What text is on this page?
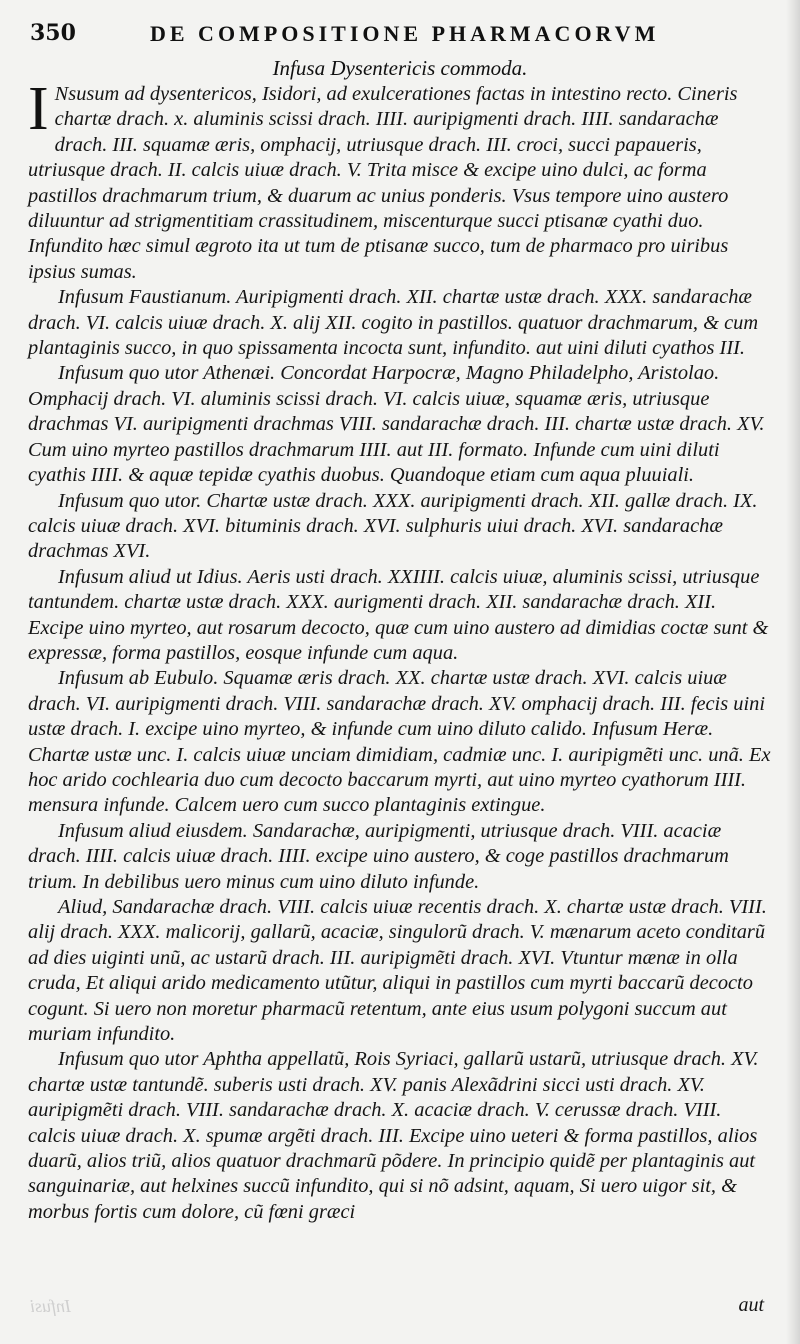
350	DE COMPOSITIONE PHARMACORVM
Infusa Dysentericis commoda.

I Nsusum ad dysentericos, Isidori, ad exulcerationes factas in intestino recto. Cineris chartæ drach. x. aluminis scissi drach. IIII. auripigmenti drach. IIII. sandarachæ drach. III. squamæ æris, omphacij, utriusque drach. III. croci, succi papaueris, utriusque drach. II. calcis uiuæ drach. V. Trita misce & excipe uino dulci, ac forma pastillos drachmarum trium, & duarum ac unius ponderis. Vsus tempore uino austero diluuntur ad strigmentitiam crassitudinem, miscenturque succi ptisanæ cyathi duo. Infundito hæc simul ægroto ita ut tum de ptisanæ succo, tum de pharmaco pro uiribus ipsius sumas.

Infusum Faustianum. Auripigmenti drach. XII. chartæ ustæ drach. XXX. sandarachæ drach. VI. calcis uiuæ drach. X. alij XII. cogito in pastillos. quatuor drachmarum, & cum plantaginis succo, in quo spissamenta incocta sunt, infundito. aut uini diluti cyathos III.

Infusum quo utor Athenæi. Concordat Harpocræ, Magno Philadelpho, Aristolao. Omphacij drach. VI. aluminis scissi drach. VI. calcis uiuæ, squamæ æris, utriusque drachmas VI. auripigmenti drachmas VIII. sandarachæ drach. III. chartæ ustæ drach. XV. Cum uino myrteo pastillos drachmarum IIII. aut III. formato. Infunde cum uini diluti cyathis IIII. & aquæ tepidæ cyathis duobus. Quandoque etiam cum aqua pluuiali.

Infusum quo utor. Chartæ ustæ drach. XXX. auripigmenti drach. XII. gallæ drach. IX. calcis uiuæ drach. XVI. bituminis drach. XVI. sulphuris uiui drach. XVI. sandarachæ drachmas XVI.

Infusum aliud ut Idius. Aeris usti drach. XXIIII. calcis uiuæ, aluminis scissi, utriusque tantundem. chartæ ustæ drach. XXX. aurigmenti drach. XII. sandarachæ drach. XII. Excipe uino myrteo, aut rosarum decocto, quæ cum uino austero ad dimidias coctæ sunt & expressæ, forma pastillos, eosque infunde cum aqua.

Infusum ab Eubulo. Squamæ æris drach. XX. chartæ ustæ drach. XVI. calcis uiuæ drach. VI. auripigmenti drach. VIII. sandarachæ drach. XV. omphacij drach. III. fecis uini ustæ drach. I. excipe uino myrteo, & infunde cum uino diluto calido. Infusum Heræ. Chartæ ustæ unc. I. calcis uiuæ unciam dimidiam, cadmiæ unc. I. auripigmẽti unc. unã. Ex hoc arido cochlearia duo cum decocto baccarum myrti, aut uino myrteo cyathorum IIII. mensura infunde. Calcem uero cum succo plantaginis extingue.

Infusum aliud eiusdem. Sandarachæ, auripigmenti, utriusque drach. VIII. acaciæ drach. IIII. calcis uiuæ drach. IIII. excipe uino austero, & coge pastillos drachmarum trium. In debilibus uero minus cum uino diluto infunde.

Aliud, Sandarachæ drach. VIII. calcis uiuæ recentis drach. X. chartæ ustæ drach. VIII. alij drach. XXX. malicorij, gallarũ, acaciæ, singulorũ drach. V. mænarum aceto conditarũ ad dies uiginti unũ, ac ustarũ drach. III. auripigmẽti drach. XVI. Vtuntur mænæ in olla cruda, Et aliqui arido medicamento utũtur, aliqui in pastillos cum myrti baccarũ decocto cogunt. Si uero non moretur pharmacũ retentum, ante eius usum polygoni succum aut muriam infundito.

Infusum quo utor Aphtha appellatũ, Rois Syriaci, gallarũ ustarũ, utriusque drach. XV. chartæ ustæ tantundẽ. suberis usti drach. XV. panis Alexãdrini sicci usti drach. XV. auripigmẽti drach. VIII. sandarachæ drach. X. acaciæ drach. V. cerussæ drach. VIII. calcis uiuæ drach. X. spumæ argẽti drach. III. Excipe uino ueteri & forma pastillos, alios duarũ, alios triũ, alios quatuor drachmarũ põdere. In principio quidẽ per plantaginis aut sanguinariæ, aut helxines succũ infundito, qui si nõ adsint, aquam, Si uero uigor sit, & morbus fortis cum dolore, cũ fœni græci

Infusi	aut
